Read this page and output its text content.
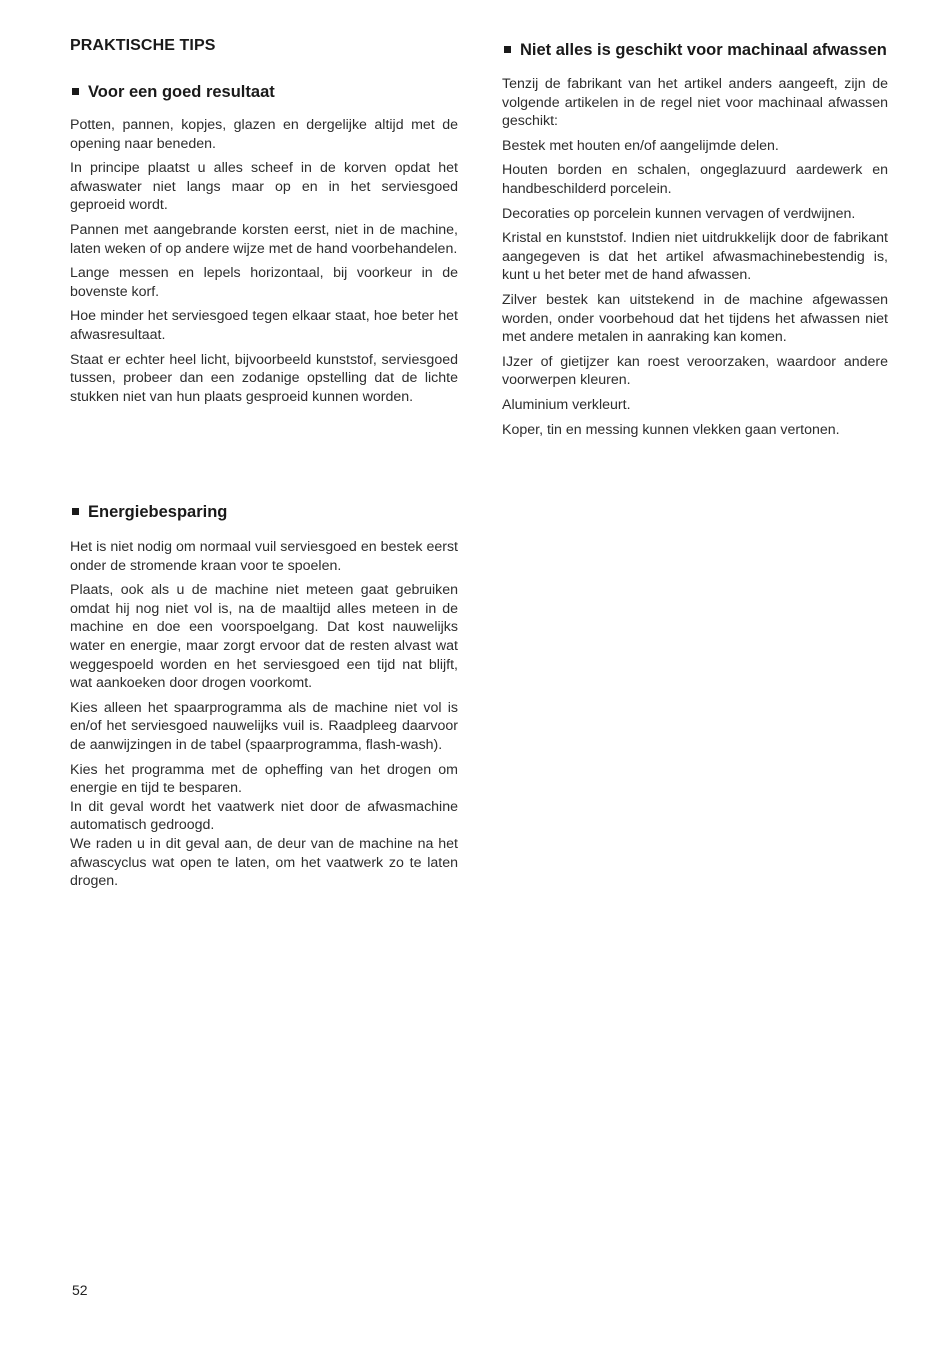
PRAKTISCHE TIPS
Voor een goed resultaat

Potten, pannen, kopjes, glazen en dergelijke altijd met de opening naar beneden.

In principe plaatst u alles scheef in de korven opdat het afwaswater niet langs maar op en in het serviesgoed geproeid wordt.

Pannen met aangebrande korsten eerst, niet in de machine, laten weken of op andere wijze met de hand voorbehandelen.

Lange messen en lepels horizontaal, bij voorkeur in de bovenste korf.

Hoe minder het serviesgoed tegen elkaar staat, hoe beter het afwasresultaat.

Staat er echter heel licht, bijvoorbeeld kunststof, serviesgoed tussen, probeer dan een zodanige opstelling dat de lichte stukken niet van hun plaats gesproeid kunnen worden.

Energiebesparing

Het is niet nodig om normaal vuil serviesgoed en bestek eerst onder de stromende kraan voor te spoelen.

Plaats, ook als u de machine niet meteen gaat gebruiken omdat hij nog niet vol is, na de maaltijd alles meteen in de machine en doe een voorspoelgang. Dat kost nauwelijks water en energie, maar zorgt ervoor dat de resten alvast wat weggespoeld worden en het serviesgoed een tijd nat blijft, wat aankoeken door drogen voorkomt.

Kies alleen het spaarprogramma als de machine niet vol is en/of het serviesgoed nauwelijks vuil is. Raadpleeg daarvoor de aanwijzingen in de tabel (spaarprogramma, flash-wash).

Kies het programma met de opheffing van het drogen om energie en tijd te besparen.

In dit geval wordt het vaatwerk niet door de afwasmachine automatisch gedroogd.

We raden u in dit geval aan, de deur van de machine na het afwascyclus wat open te laten, om het vaatwerk zo te laten drogen.

Niet alles is geschikt voor machinaal afwassen

Tenzij de fabrikant van het artikel anders aangeeft, zijn de volgende artikelen in de regel niet voor machinaal afwassen geschikt:

Bestek met houten en/of aangelijmde delen.

Houten borden en schalen, ongeglazuurd aardewerk en handbeschilderd porcelein.

Decoraties op porcelein kunnen vervagen of verdwijnen.

Kristal en kunststof. Indien niet uitdrukkelijk door de fabrikant aangegeven is dat het artikel afwasmachinebestendig is, kunt u het beter met de hand afwassen.

Zilver bestek kan uitstekend in de machine afgewassen worden, onder voorbehoud dat het tijdens het afwassen niet met andere metalen in aanraking kan komen.

IJzer of gietijzer kan roest veroorzaken, waardoor andere voorwerpen kleuren.

Aluminium verkleurt.

Koper, tin en messing kunnen vlekken gaan vertonen.

52
